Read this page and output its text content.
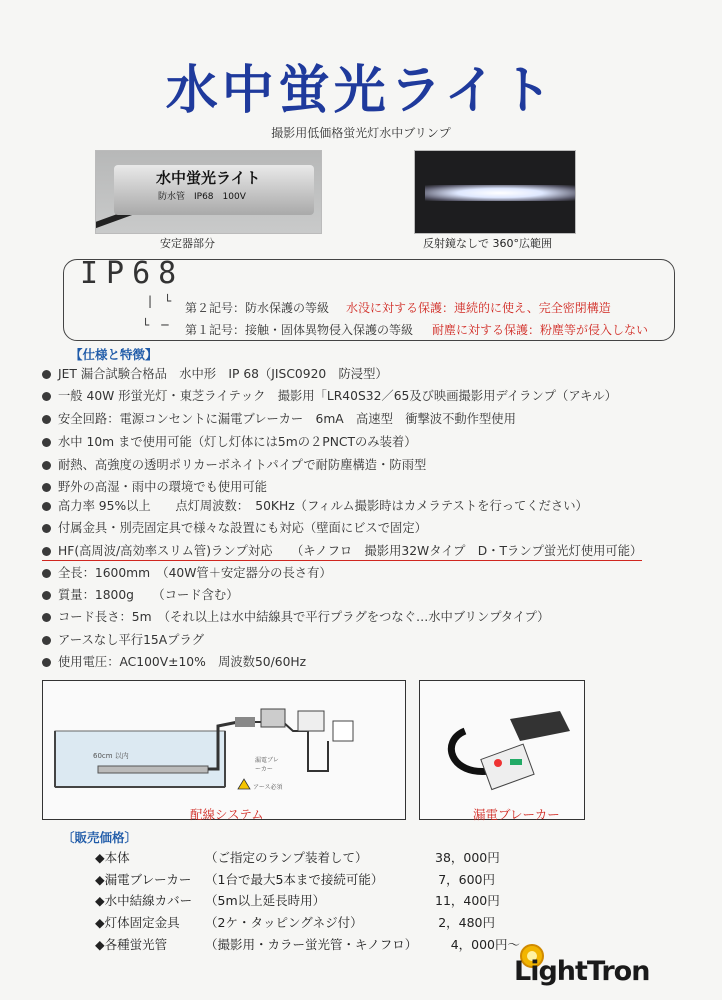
水中蛍光ライト
撮影用低価格蛍光灯水中ブリンプ
水中蛍光ライト
防水管　IP68　100V
安定器部分	反射鏡なしで 360°広範囲
IP68
|　└ 第２記号：防水保護の等級 水没に対する保護：連続的に使え、完全密閉構造
└　─ 第１記号：接触・固体異物侵入保護の等級 耐塵に対する保護：粉塵等が侵入しない
【仕様と特徴】
JET 漏合試験合格品　水中形　IP 68（JISC0920　防浸型）
一般 40W 形蛍光灯・東芝ライテック　撮影用「LR40S32／65及び映画撮影用デイランプ（アキル）
安全回路：電源コンセントに漏電ブレーカー　6mA　高速型　衝撃波不動作型使用
水中 10m まで使用可能（灯し灯体には5mの２PNCTのみ装着）
耐熱、高強度の透明ポリカーボネイトパイプで耐防塵構造・防雨型
野外の高湿・雨中の環境でも使用可能
高力率 95%以上　　点灯周波数：　50KHz（フィルム撮影時はカメラテストを行ってください）
付属金具・別売固定具で様々な設置にも対応（壁面にビスで固定）
HF(高周波/高効率スリム管)ランプ対応　　（キノフロ　撮影用32Wタイプ　D・Tランプ蛍光灯使用可能）
全長：1600mm　（40W管＋安定器分の長さ有）
質量：1800g　　（コード含む）
コード長さ：5m　（それ以上は水中結線具で平行プラグをつなぐ…水中ブリンプタイプ）
アースなし平行15Aプラグ
使用電圧：AC100V±10%　周波数50/60Hz
60cm 以内
漏電ブレーカー
アース必須
配線システム	漏電ブレーカー
〔販売価格〕
◆本体	（ご指定のランプ装着して）	38，000円
◆漏電ブレーカー （1台で最大5本まで接続可能）	7，600円
◆水中結線カバー （5m以上延長時用）	11，400円
◆灯体固定金具 （2ケ・タッピングネジ付）	2，480円
◆各種蛍光管	（撮影用・カラー蛍光管・キノフロ）	4，000円～
LightTron
